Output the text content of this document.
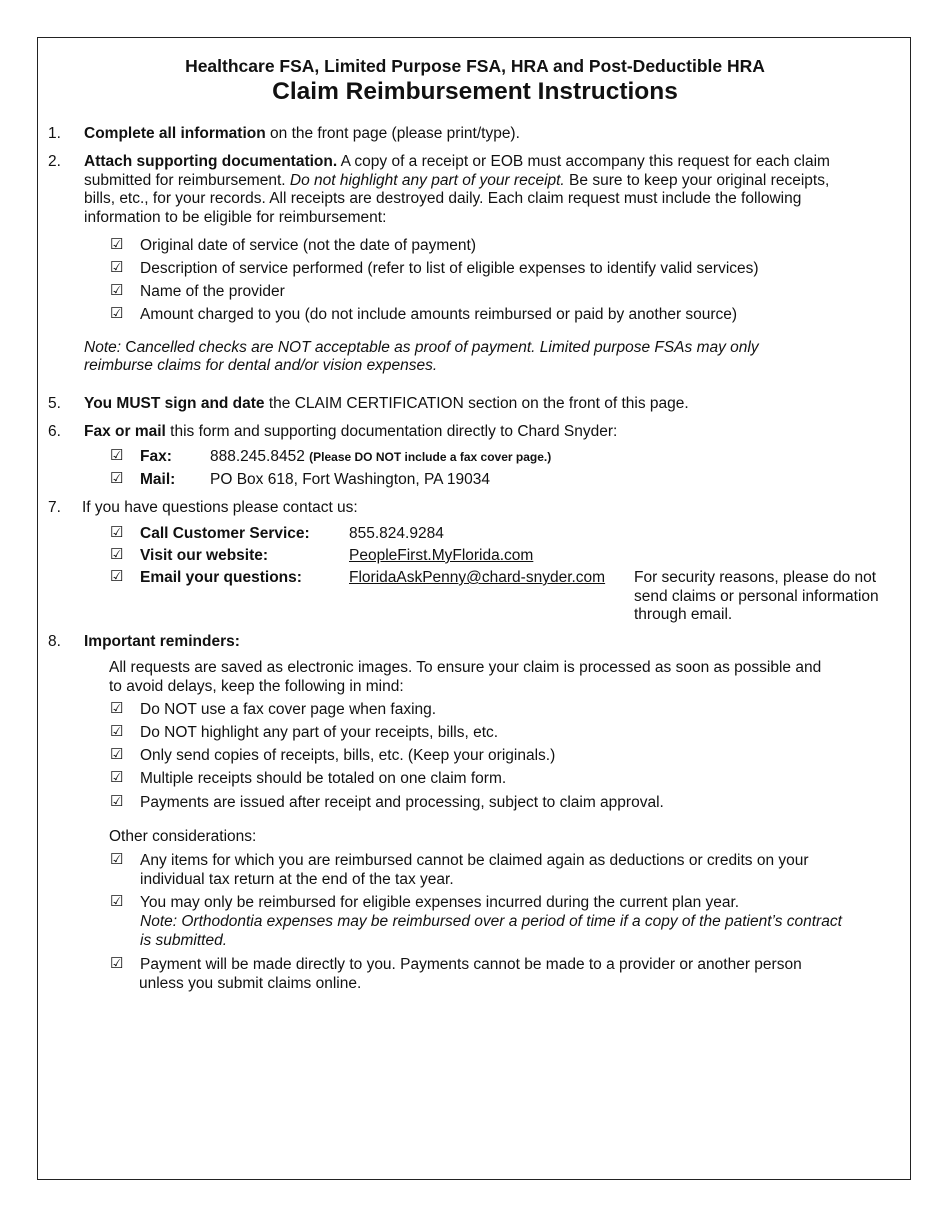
Healthcare FSA, Limited Purpose FSA, HRA and Post-Deductible HRA
Claim Reimbursement Instructions
1. Complete all information on the front page (please print/type).
2. Attach supporting documentation. A copy of a receipt or EOB must accompany this request for each claim
submitted for reimbursement. Do not highlight any part of your receipt. Be sure to keep your original receipts,
bills, etc., for your records. All receipts are destroyed daily. Each claim request must include the following
information to be eligible for reimbursement:
☑
Original date of service (not the date of payment)
☑
Description of service performed (refer to list of eligible expenses to identify valid services)
☑
Name of the provider
☑
Amount charged to you (do not include amounts reimbursed or paid by another source)
Note: Cancelled checks are NOT acceptable as proof of payment. Limited purpose FSAs may only
reimburse claims for dental and/or vision expenses.
5. You MUST sign and date the CLAIM CERTIFICATION section on the front of this page.
6. Fax or mail this form and supporting documentation directly to Chard Snyder:
☑
Fax: 888.245.8452 (Please DO NOT include a fax cover page.)
☑
Mail: PO Box 618, Fort Washington, PA 19034
7. If you have questions please contact us:
☑
Call Customer Service:	855.824.9284
☑
Visit our website:	PeopleFirst.MyFlorida.com
☑
Email your questions:	FloridaAskPenny@chard-snyder.com For security reasons, please do not
send claims or personal information
through email.
8. Important reminders:
All requests are saved as electronic images. To ensure your claim is processed as soon as possible and
to avoid delays, keep the following in mind:
☑
Do NOT use a fax cover page when faxing.
☑
Do NOT highlight any part of your receipts, bills, etc.
☑
Only send copies of receipts, bills, etc. (Keep your originals.)
☑
Multiple receipts should be totaled on one claim form.
☑
Payments are issued after receipt and processing, subject to claim approval.
Other considerations:
☑
Any items for which you are reimbursed cannot be claimed again as deductions or credits on your
individual tax return at the end of the tax year.
☑
You may only be reimbursed for eligible expenses incurred during the current plan year.
Note: Orthodontia expenses may be reimbursed over a period of time if a copy of the patient’s contract
is submitted.
☑
Payment will be made directly to you. Payments cannot be made to a provider or another person
unless you submit claims online.
